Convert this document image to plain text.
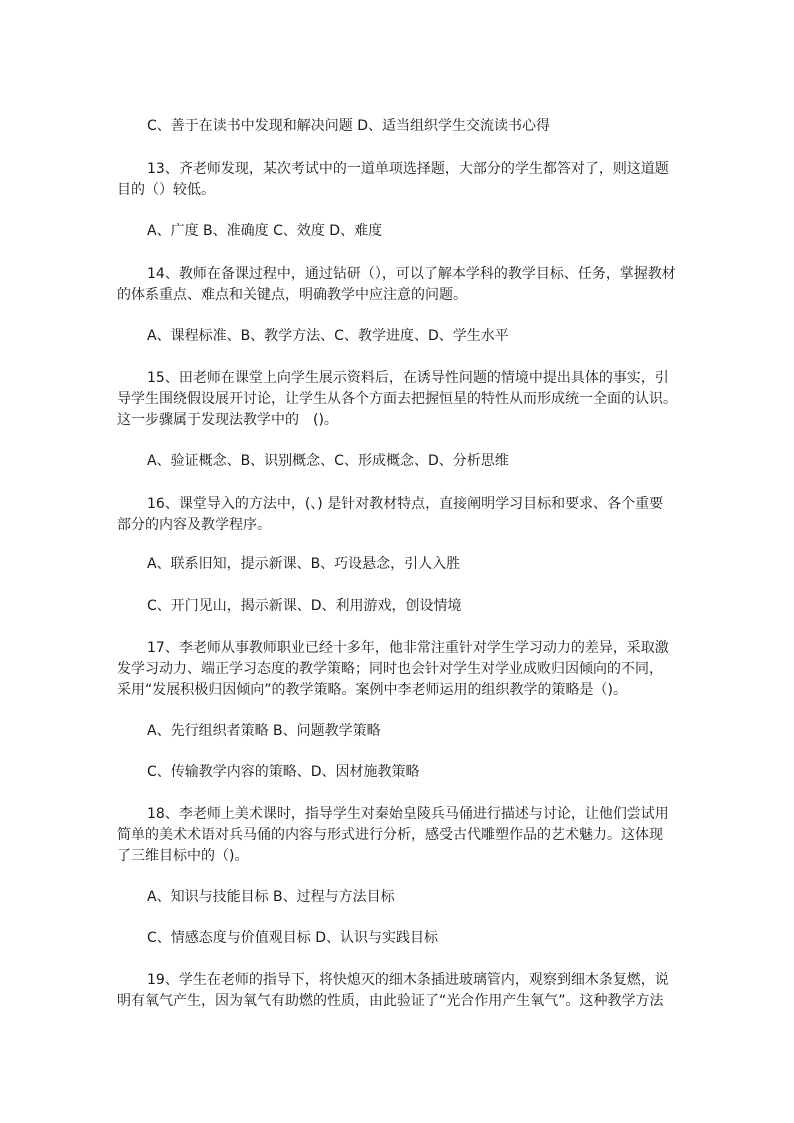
C、善于在读书中发现和解决问题 D、适当组织学生交流读书心得
13、齐老师发现，某次考试中的一道单项选择题，大部分的学生都答对了，则这道题
目的（）较低。
A、广度 B、准确度 C、效度 D、难度
14、教师在备课过程中，通过钻研（），可以了解本学科的教学目标、任务，掌握教材
的体系重点、难点和关键点，明确教学中应注意的问题。
A、课程标准、B、教学方法、C、教学进度、D、学生水平
15、田老师在课堂上向学生展示资料后，在诱导性问题的情境中提出具体的事实，引
导学生围绕假设展开讨论，让学生从各个方面去把握恒星的特性从而形成统一全面的认识。
这一步骤属于发现法教学中的　()。
A、验证概念、B、识别概念、C、形成概念、D、分析思维
16、课堂导入的方法中，(、) 是针对教材特点，直接阐明学习目标和要求、各个重要
部分的内容及教学程序。
A、联系旧知，提示新课、B、巧设悬念，引人入胜
C、开门见山，揭示新课、D、利用游戏，创设情境
17、李老师从事教师职业已经十多年，他非常注重针对学生学习动力的差异，采取激
发学习动力、端正学习态度的教学策略；同时也会针对学生对学业成败归因倾向的不同，
采用“发展积极归因倾向”的教学策略。案例中李老师运用的组织教学的策略是（)。
A、先行组织者策略 B、问题教学策略
C、传输教学内容的策略、D、因材施教策略
18、李老师上美术课时，指导学生对秦始皇陵兵马俑进行描述与讨论，让他们尝试用
简单的美术术语对兵马俑的内容与形式进行分析，感受古代雕塑作品的艺术魅力。这体现
了三维目标中的（)。
A、知识与技能目标 B、过程与方法目标
C、情感态度与价值观目标 D、认识与实践目标
19、学生在老师的指导下，将快熄灭的细木条插进玻璃管内，观察到细木条复燃，说
明有氧气产生，因为氧气有助燃的性质，由此验证了“光合作用产生氧气”。这种教学方法
